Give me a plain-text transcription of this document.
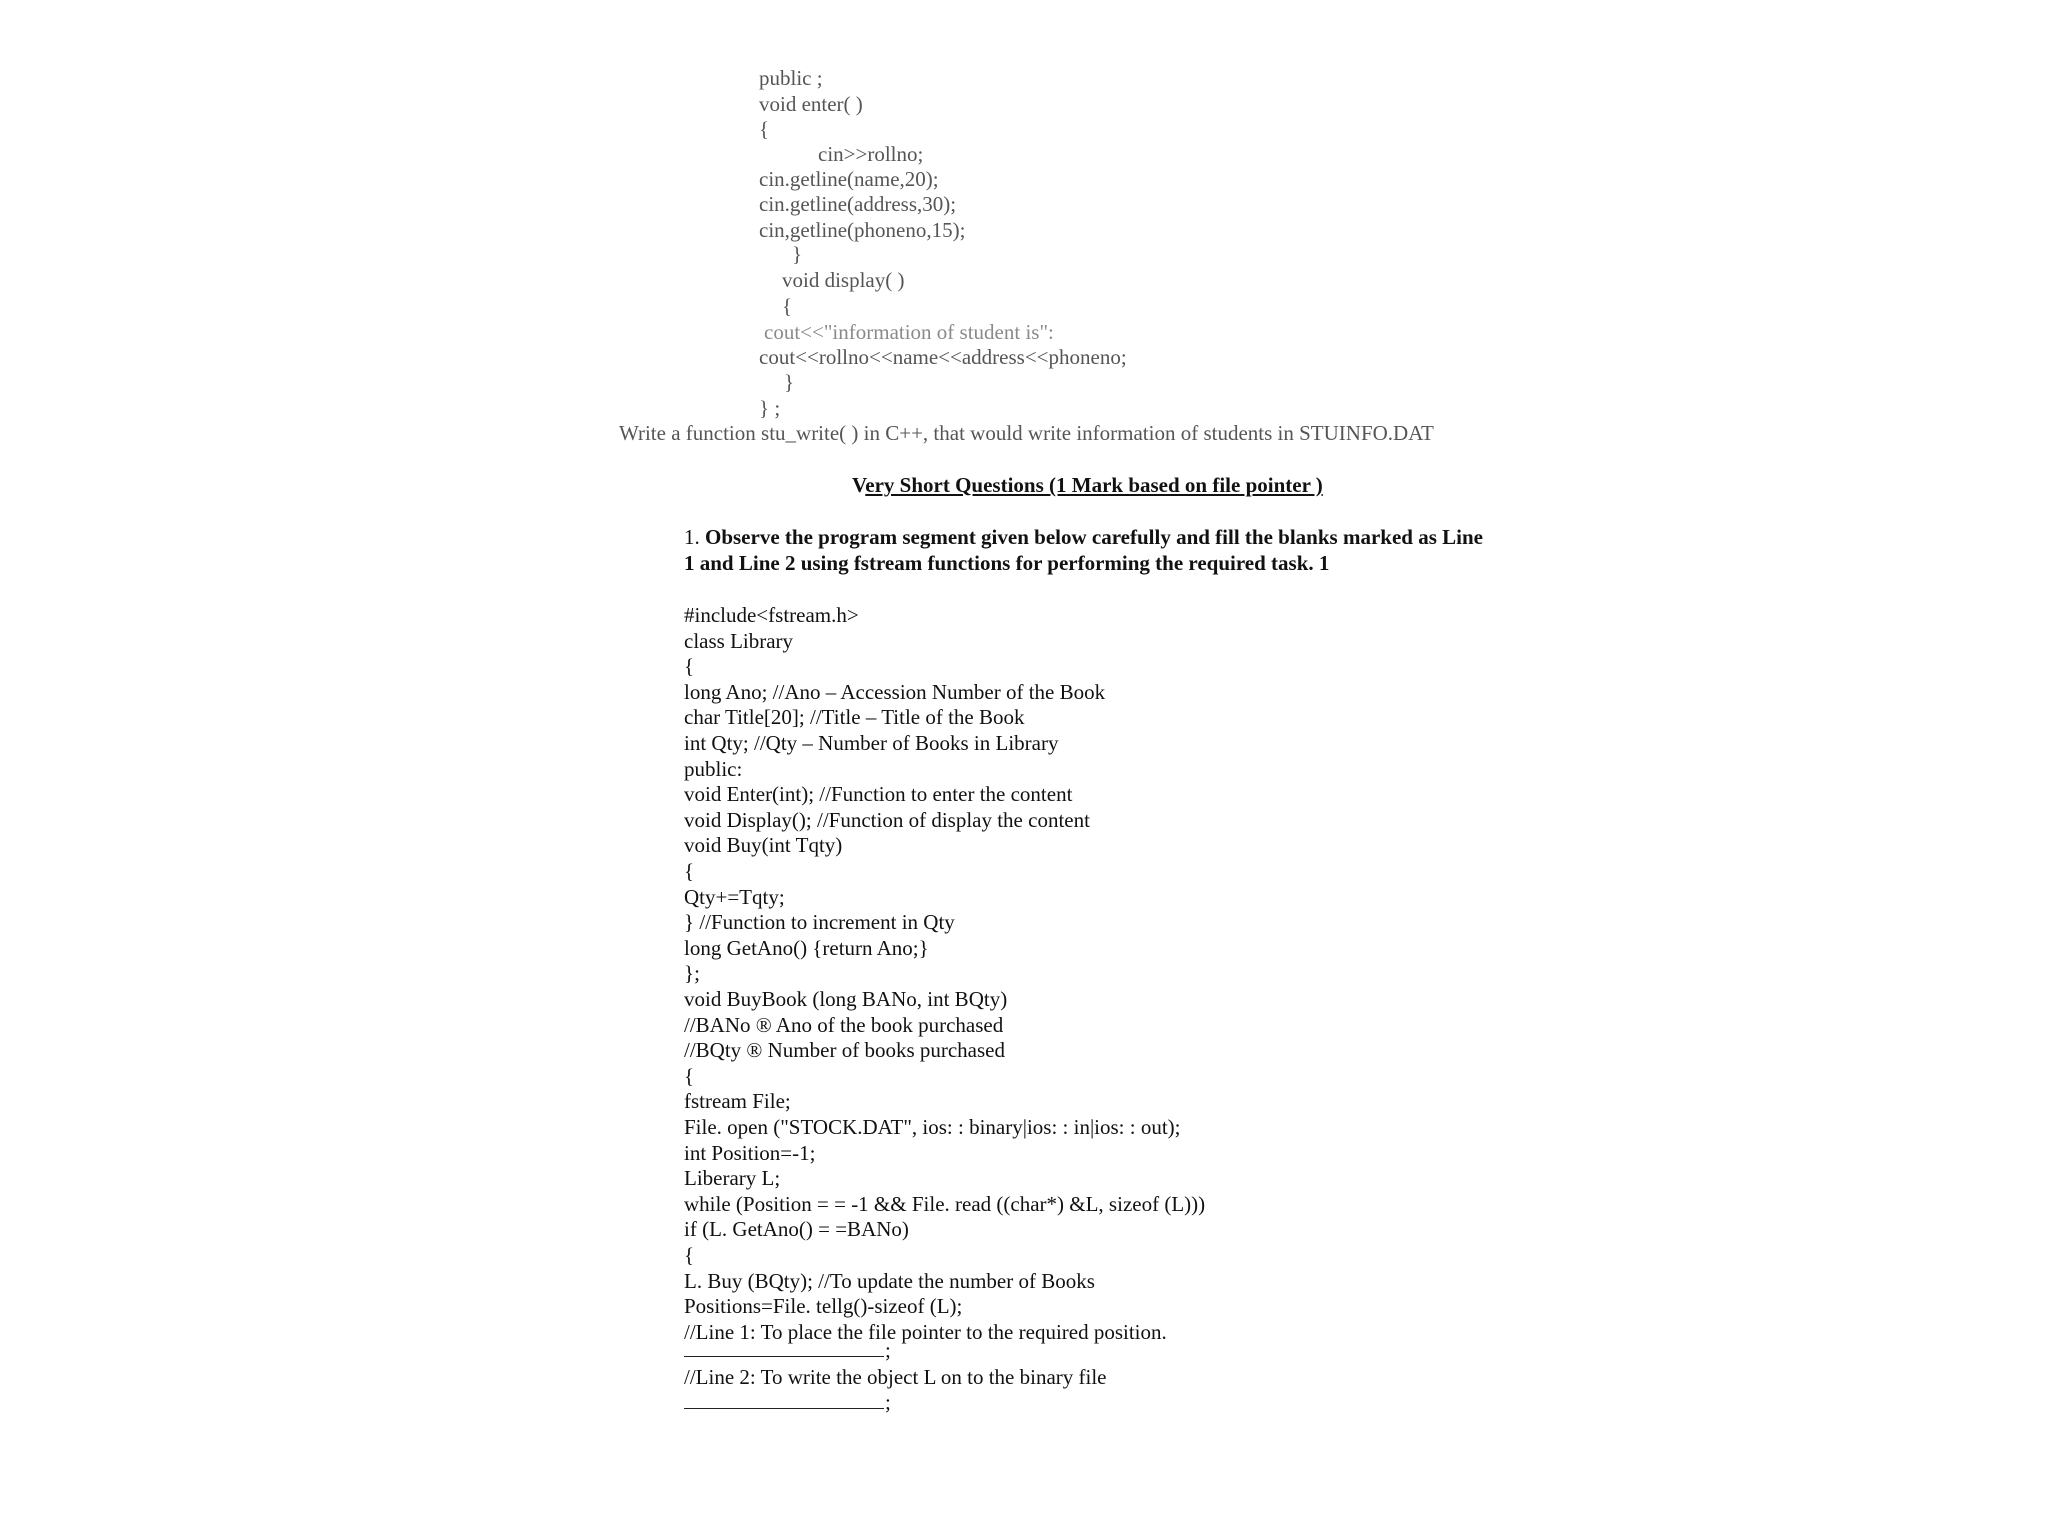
public ;
void enter( )
{
cin>>rollno;
cin.getline(name,20);
cin.getline(address,30);
cin,getline(phoneno,15);
}
void display( )
{
cout<<"information of student is":
cout<<rollno<<name<<address<<phoneno;
}
} ;
Write a function stu_write( ) in C++, that would write information of students in STUINFO.DAT
Very Short Questions (1 Mark based on file pointer )
1. Observe the program segment given below carefully and fill the blanks marked as Line 1 and Line 2 using fstream functions for performing the required task. 1
#include<fstream.h>
class Library
{
long Ano; //Ano – Accession Number of the Book
char Title[20]; //Title – Title of the Book
int Qty; //Qty – Number of Books in Library
public:
void Enter(int); //Function to enter the content
void Display(); //Function of display the content
void Buy(int Tqty)
{
Qty+=Tqty;
} //Function to increment in Qty
long GetAno() {return Ano;}
};
void BuyBook (long BANo, int BQty)
//BANo ® Ano of the book purchased
//BQty ® Number of books purchased
{
fstream File;
File. open ("STOCK.DAT", ios: : binary|ios: : in|ios: : out);
int Position=-1;
Liberary L;
while (Position = = -1 && File. read ((char*) &L, sizeof (L)))
if (L. GetAno() = =BANo)
{
L. Buy (BQty); //To update the number of Books
Positions=File. tellg()-sizeof (L);
//Line 1: To place the file pointer to the required position.
;
//Line 2: To write the object L on to the binary file
;
